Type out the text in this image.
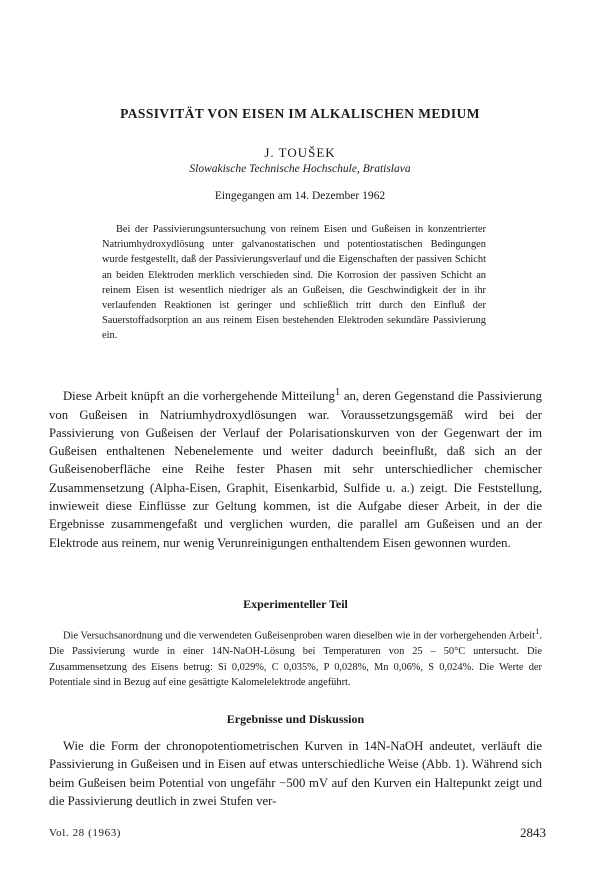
PASSIVITÄT VON EISEN IM ALKALISCHEN MEDIUM
J. TOUŠEK
Slowakische Technische Hochschule, Bratislava
Eingegangen am 14. Dezember 1962

Bei der Passivierungsuntersuchung von reinem Eisen und Gußeisen in konzentrierter Natriumhydroxydlösung unter galvanostatischen und potentiostatischen Bedingungen wurde festgestellt, daß der Passivierungsverlauf und die Eigenschaften der passiven Schicht an beiden Elektroden merklich verschieden sind. Die Korrosion der passiven Schicht an reinem Eisen ist wesentlich niedriger als an Gußeisen, die Geschwindigkeit der in ihr verlaufenden Reaktionen ist geringer und schließlich tritt durch den Einfluß der Sauerstoffadsorption an aus reinem Eisen bestehenden Elektroden sekundäre Passivierung ein.

Diese Arbeit knüpft an die vorhergehende Mitteilung$^1$ an, deren Gegenstand die Passivierung von Gußeisen in Natriumhydroxydlösungen war. Voraussetzungsgemäß wird bei der Passivierung von Gußeisen der Verlauf der Polarisationskurven von der Gegenwart der im Gußeisen enthaltenen Nebenelemente und weiter dadurch beeinflußt, daß sich an der Gußeisenoberfläche eine Reihe fester Phasen mit sehr unterschiedlicher chemischer Zusammensetzung (Alpha-Eisen, Graphit, Eisenkarbid, Sulfide u. a.) zeigt. Die Feststellung, inwieweit diese Einflüsse zur Geltung kommen, ist die Aufgabe dieser Arbeit, in der die Ergebnisse zusammengefaßt und verglichen wurden, die parallel am Gußeisen und an der Elektrode aus reinem, nur wenig Verunreinigungen enthaltendem Eisen gewonnen wurden.

Experimenteller Teil

Die Versuchsanordnung und die verwendeten Gußeisenproben waren dieselben wie in der vorhergehenden Arbeit$^1$. Die Passivierung wurde in einer 14N-NaOH-Lösung bei Temperaturen von 25 – 50°C untersucht. Die Zusammensetzung des Eisens betrug: Si 0,029%, C 0,035%, P 0,028%, Mn 0,06%, S 0,024%. Die Werte der Potentiale sind in Bezug auf eine gesättigte Kalomelelektrode angeführt.

Ergebnisse und Diskussion

Wie die Form der chronopotentiometrischen Kurven in 14N-NaOH andeutet, verläuft die Passivierung in Gußeisen und in Eisen auf etwas unterschiedliche Weise (Abb. 1). Während sich beim Gußeisen beim Potential von ungefähr −500 mV auf den Kurven ein Haltepunkt zeigt und die Passivierung deutlich in zwei Stufen ver-

Vol. 28 (1963)	2843
